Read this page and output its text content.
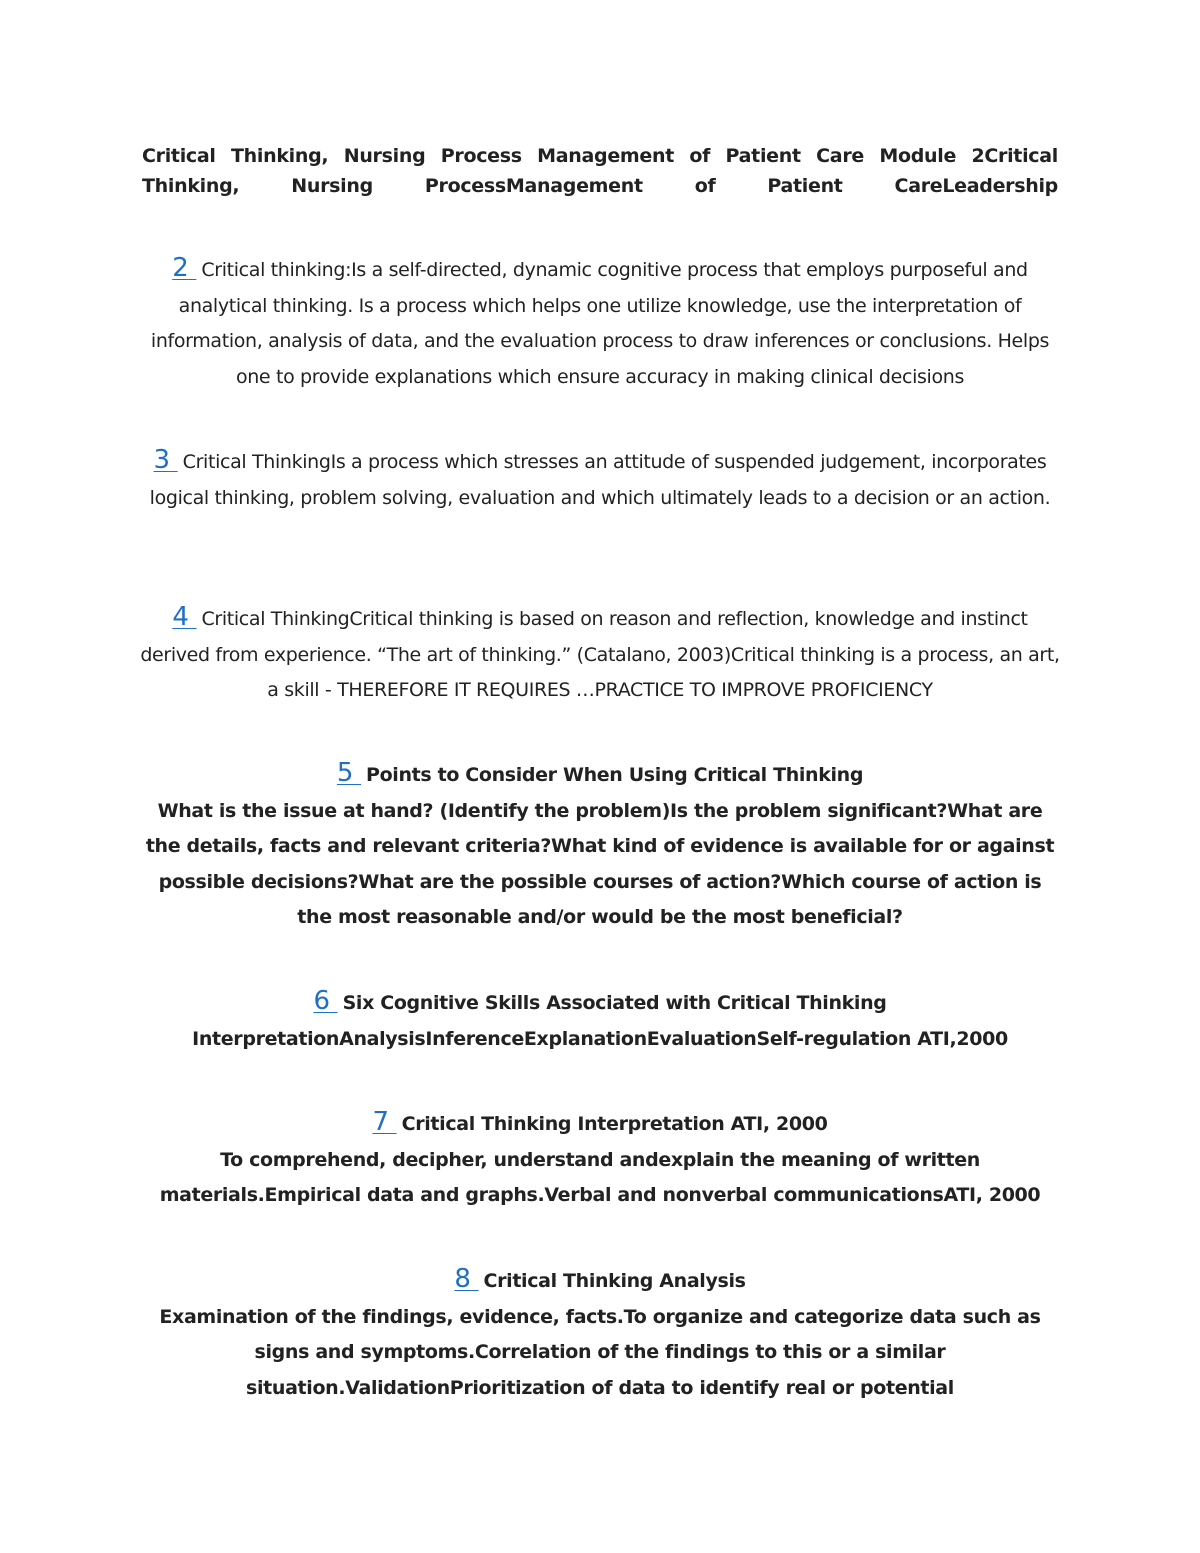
Critical Thinking, Nursing Process Management of Patient Care Module 2Critical Thinking, Nursing ProcessManagement of Patient CareLeadership

2 Critical thinking:Is a self-directed, dynamic cognitive process that employs purposeful and analytical thinking. Is a process which helps one utilize knowledge, use the interpretation of information, analysis of data, and the evaluation process to draw inferences or conclusions. Helps one to provide explanations which ensure accuracy in making clinical decisions

3 Critical ThinkingIs a process which stresses an attitude of suspended judgement, incorporates logical thinking, problem solving, evaluation and which ultimately leads to a decision or an action.

4 Critical ThinkingCritical thinking is based on reason and reflection, knowledge and instinct derived from experience. “The art of thinking.” (Catalano, 2003)Critical thinking is a process, an art, a skill - THEREFORE IT REQUIRES …PRACTICE TO IMPROVE PROFICIENCY

5 Points to Consider When Using Critical Thinking
What is the issue at hand? (Identify the problem)Is the problem significant?What are the details, facts and relevant criteria?What kind of evidence is available for or against possible decisions?What are the possible courses of action?Which course of action is the most reasonable and/or would be the most beneficial?
6 Six Cognitive Skills Associated with Critical Thinking
InterpretationAnalysisInferenceExplanationEvaluationSelf-regulation ATI,2000
7 Critical Thinking Interpretation ATI, 2000
To comprehend, decipher, understand andexplain the meaning of written materials.Empirical data and graphs.Verbal and nonverbal communicationsATI, 2000
8 Critical Thinking Analysis
Examination of the findings, evidence, facts.To organize and categorize data such as signs and symptoms.Correlation of the findings to this or a similar situation.ValidationPrioritization of data to identify real or potential
